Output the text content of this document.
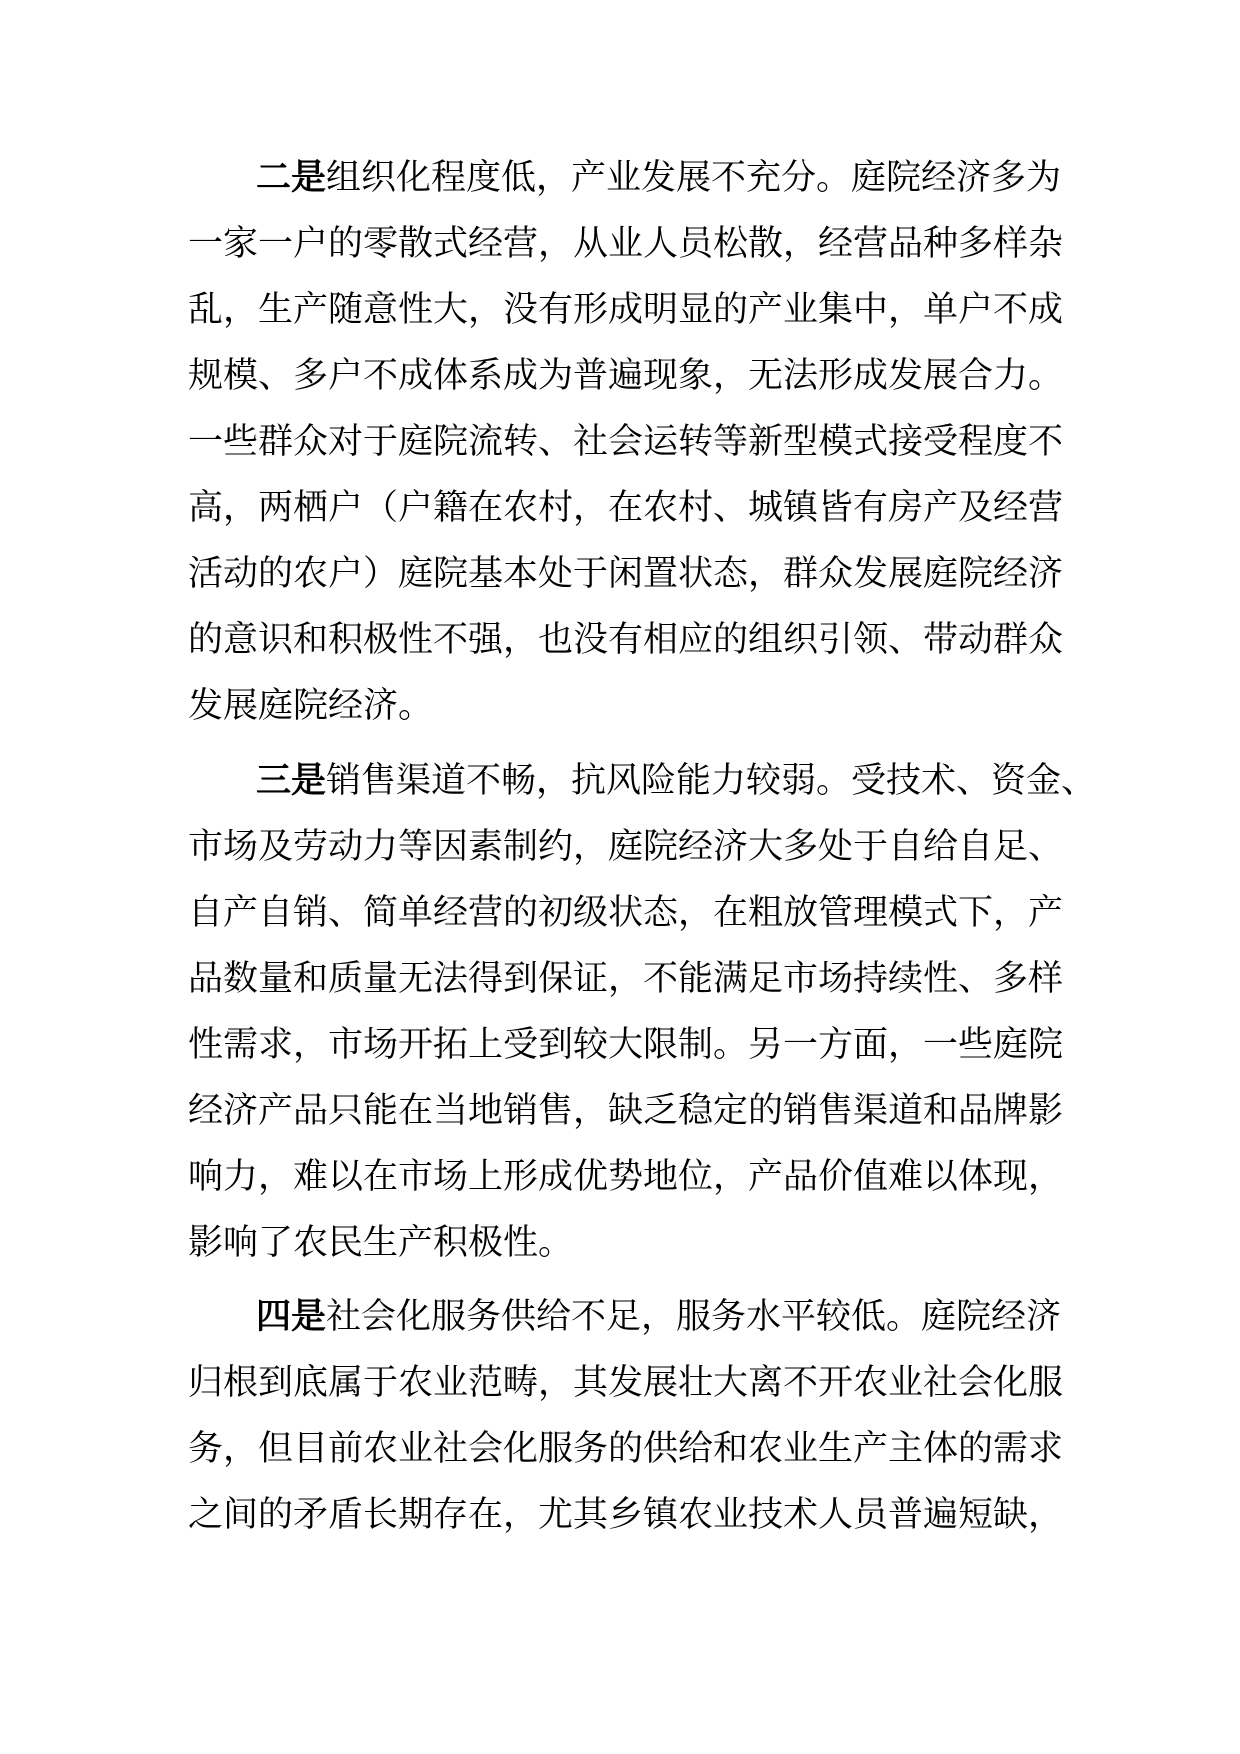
二是组织化程度低，产业发展不充分。庭院经济多为
一家一户的零散式经营，从业人员松散，经营品种多样杂
乱，生产随意性大，没有形成明显的产业集中，单户不成
规模、多户不成体系成为普遍现象，无法形成发展合力。
一些群众对于庭院流转、社会运转等新型模式接受程度不
高，两栖户（户籍在农村，在农村、城镇皆有房产及经营
活动的农户）庭院基本处于闲置状态，群众发展庭院经济
的意识和积极性不强，也没有相应的组织引领、带动群众
发展庭院经济。
三是销售渠道不畅，抗风险能力较弱。受技术、资金、
市场及劳动力等因素制约，庭院经济大多处于自给自足、
自产自销、简单经营的初级状态，在粗放管理模式下，产
品数量和质量无法得到保证，不能满足市场持续性、多样
性需求，市场开拓上受到较大限制。另一方面，一些庭院
经济产品只能在当地销售，缺乏稳定的销售渠道和品牌影
响力，难以在市场上形成优势地位，产品价值难以体现，
影响了农民生产积极性。
四是社会化服务供给不足，服务水平较低。庭院经济
归根到底属于农业范畴，其发展壮大离不开农业社会化服
务，但目前农业社会化服务的供给和农业生产主体的需求
之间的矛盾长期存在，尤其乡镇农业技术人员普遍短缺，
